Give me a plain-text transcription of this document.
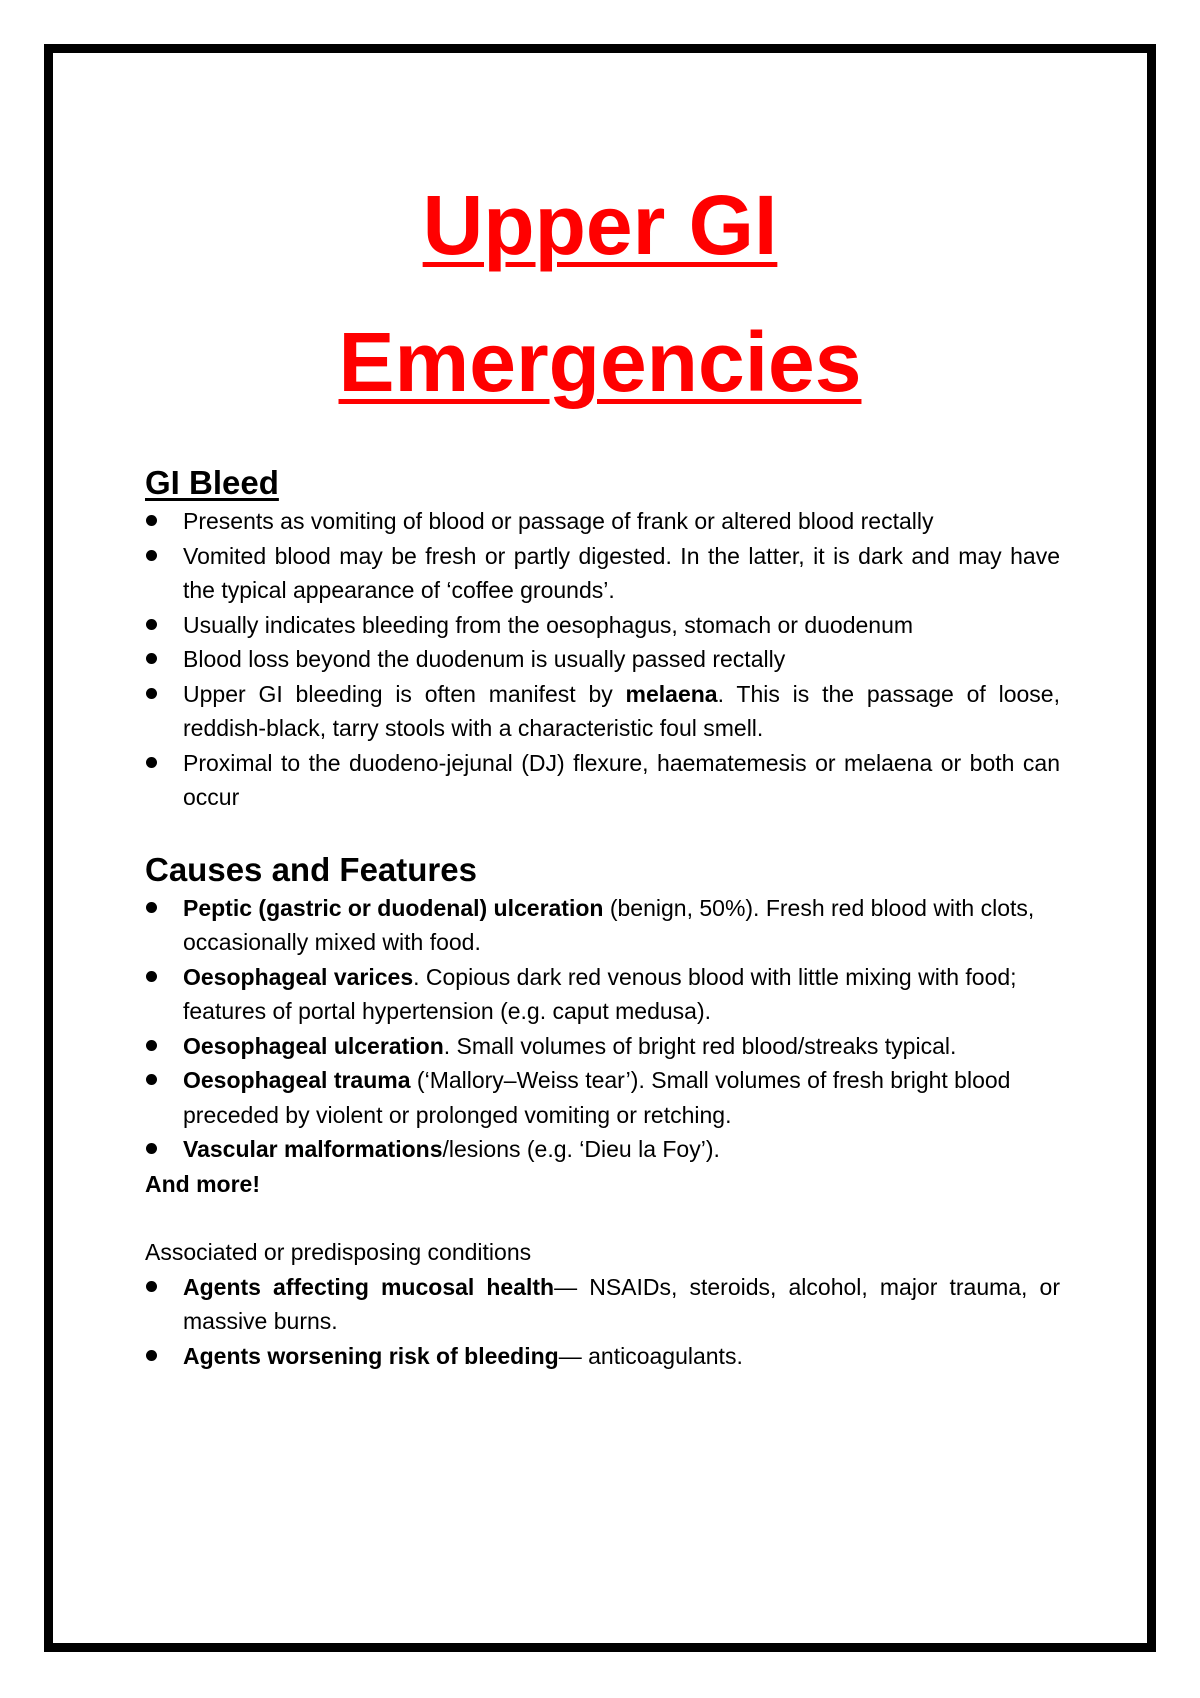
Upper GI
Emergencies
GI Bleed
Presents as vomiting of blood or passage of frank or altered blood rectally
Vomited blood may be fresh or partly digested. In the latter, it is dark and may have the typical appearance of ‘coffee grounds’.
Usually indicates bleeding from the oesophagus, stomach or duodenum
Blood loss beyond the duodenum is usually passed rectally
Upper GI bleeding is often manifest by melaena. This is the passage of loose, reddish-black, tarry stools with a characteristic foul smell.
Proximal to the duodeno-jejunal (DJ) flexure, haematemesis or melaena or both can occur
Causes and Features
Peptic (gastric or duodenal) ulceration (benign, 50%). Fresh red blood with clots, occasionally mixed with food.
Oesophageal varices. Copious dark red venous blood with little mixing with food; features of portal hypertension (e.g. caput medusa).
Oesophageal ulceration. Small volumes of bright red blood/streaks typical.
Oesophageal trauma (‘Mallory–Weiss tear’). Small volumes of fresh bright blood preceded by violent or prolonged vomiting or retching.
Vascular malformations/lesions (e.g. ‘Dieu la Foy’).
And more!
Associated or predisposing conditions
Agents affecting mucosal health— NSAIDs, steroids, alcohol, major trauma, or massive burns.
Agents worsening risk of bleeding— anticoagulants.
